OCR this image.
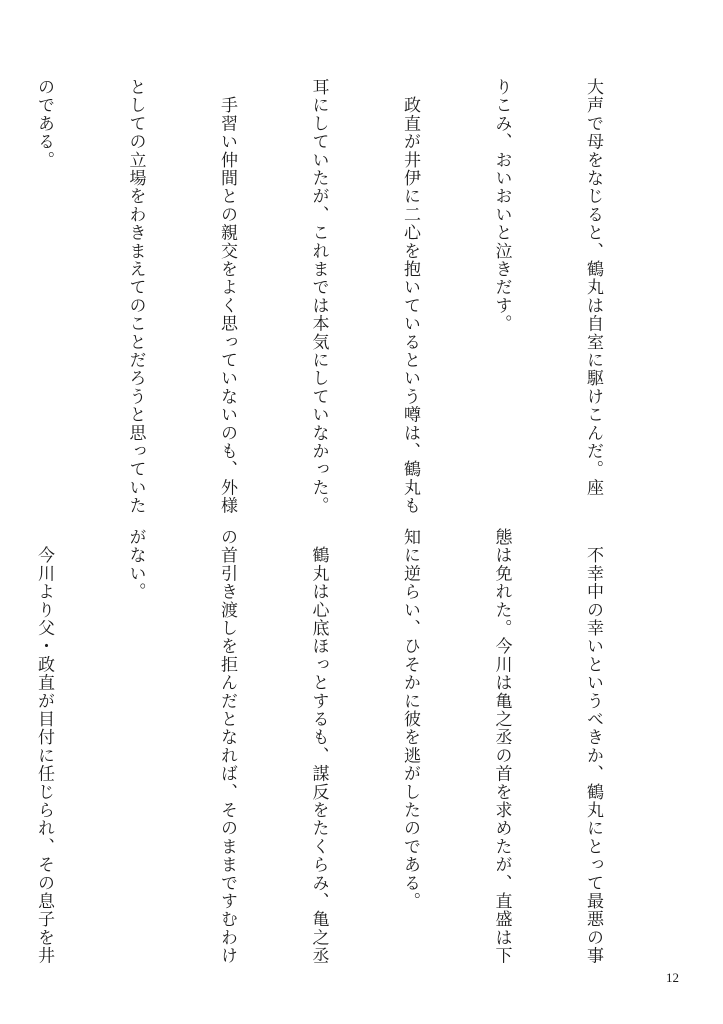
大声で母をなじると、鶴丸は自室に駆けこんだ。座

りこみ、おいおいと泣きだす。

　政直が井伊に二心を抱いているという噂は、鶴丸も

耳にしていたが、これまでは本気にしていなかった。

　手習い仲間との親交をよく思っていないのも、外様

としての立場をわきまえてのことだろうと思っていた

のである。

　不幸中の幸いというべきか、鶴丸にとって最悪の事

態は免れた。今川は亀之丞の首を求めたが、直盛は下

知に逆らい、ひそかに彼を逃がしたのである。

　鶴丸は心底ほっとするも、謀反をたくらみ、亀之丞

の首引き渡しを拒んだとなれば、そのままですむわけ

がない。

　今川より父・政直が目付に任じられ、その息子を井

12
